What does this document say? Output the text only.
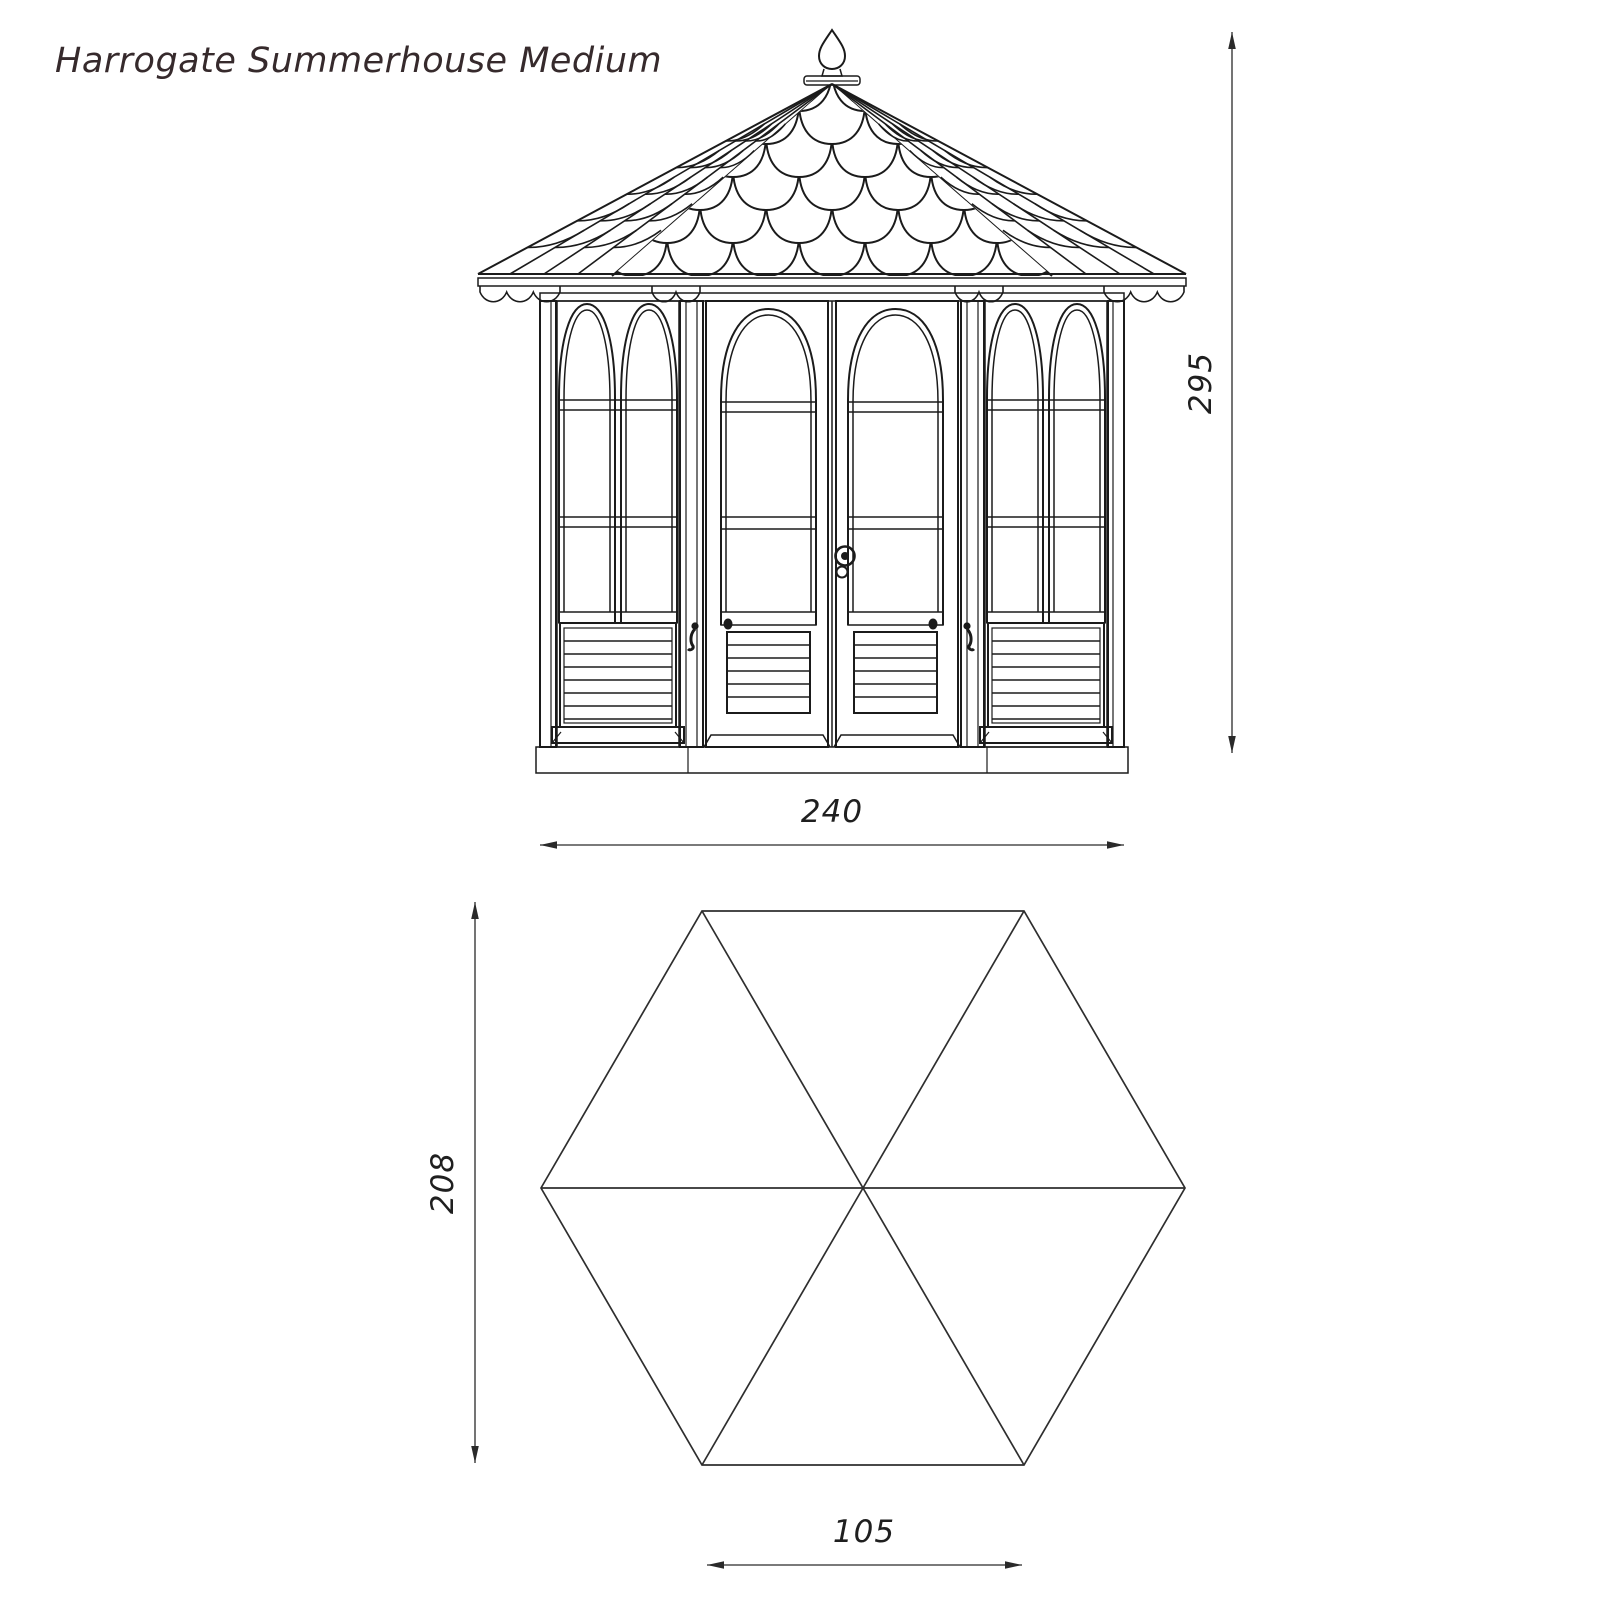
Harrogate Summerhouse Medium
295
240
208
105
